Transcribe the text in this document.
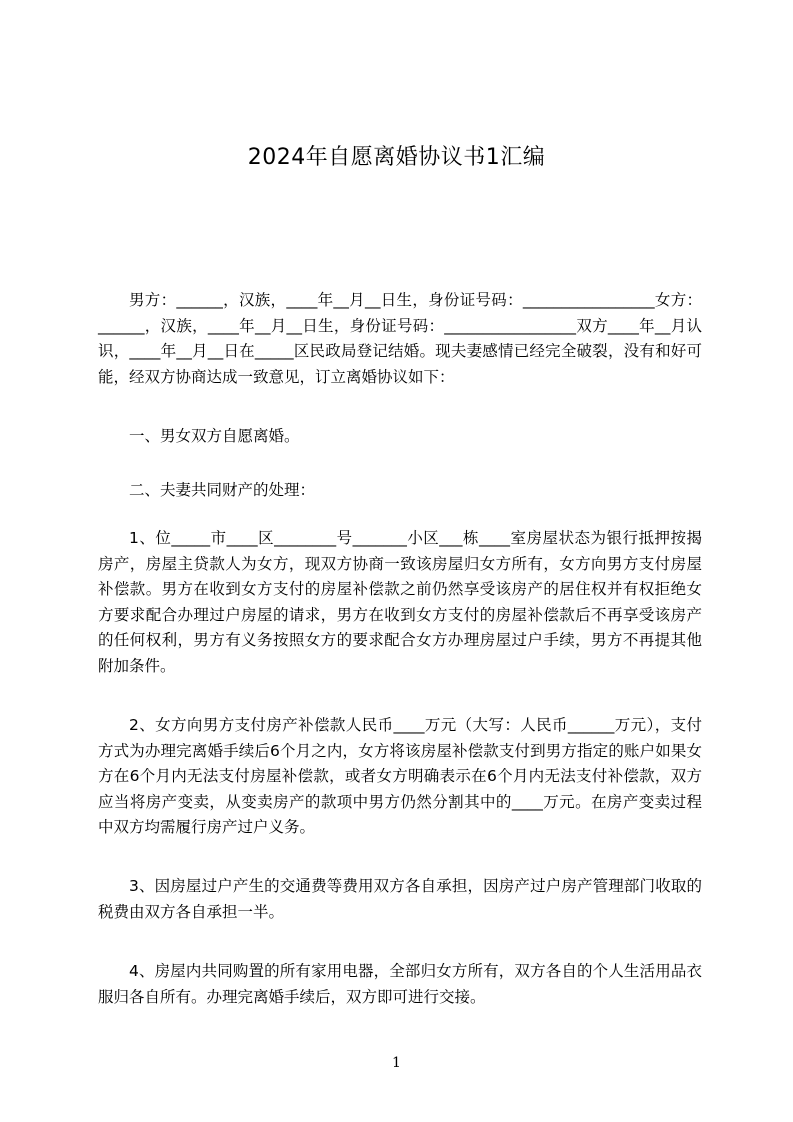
2024年自愿离婚协议书1汇编

男方：______，汉族，____年__月__日生，身份证号码：_________________女方：______，汉族，____年__月__日生，身份证号码：_________________双方____年__月认识，____年__月__日在_____区民政局登记结婚。现夫妻感情已经完全破裂，没有和好可能，经双方协商达成一致意见，订立离婚协议如下：

一、男女双方自愿离婚。

二、夫妻共同财产的处理：

1、位_____市____区________号_______小区___栋____室房屋状态为银行抵押按揭房产，房屋主贷款人为女方，现双方协商一致该房屋归女方所有，女方向男方支付房屋补偿款。男方在收到女方支付的房屋补偿款之前仍然享受该房产的居住权并有权拒绝女方要求配合办理过户房屋的请求，男方在收到女方支付的房屋补偿款后不再享受该房产的任何权利，男方有义务按照女方的要求配合女方办理房屋过户手续，男方不再提其他附加条件。

2、女方向男方支付房产补偿款人民币____万元（大写：人民币______万元），支付方式为办理完离婚手续后6个月之内，女方将该房屋补偿款支付到男方指定的账户如果女方在6个月内无法支付房屋补偿款，或者女方明确表示在6个月内无法支付补偿款，双方应当将房产变卖，从变卖房产的款项中男方仍然分割其中的____万元。在房产变卖过程中双方均需履行房产过户义务。

3、因房屋过户产生的交通费等费用双方各自承担，因房产过户房产管理部门收取的税费由双方各自承担一半。

4、房屋内共同购置的所有家用电器，全部归女方所有，双方各自的个人生活用品衣服归各自所有。办理完离婚手续后，双方即可进行交接。

1
